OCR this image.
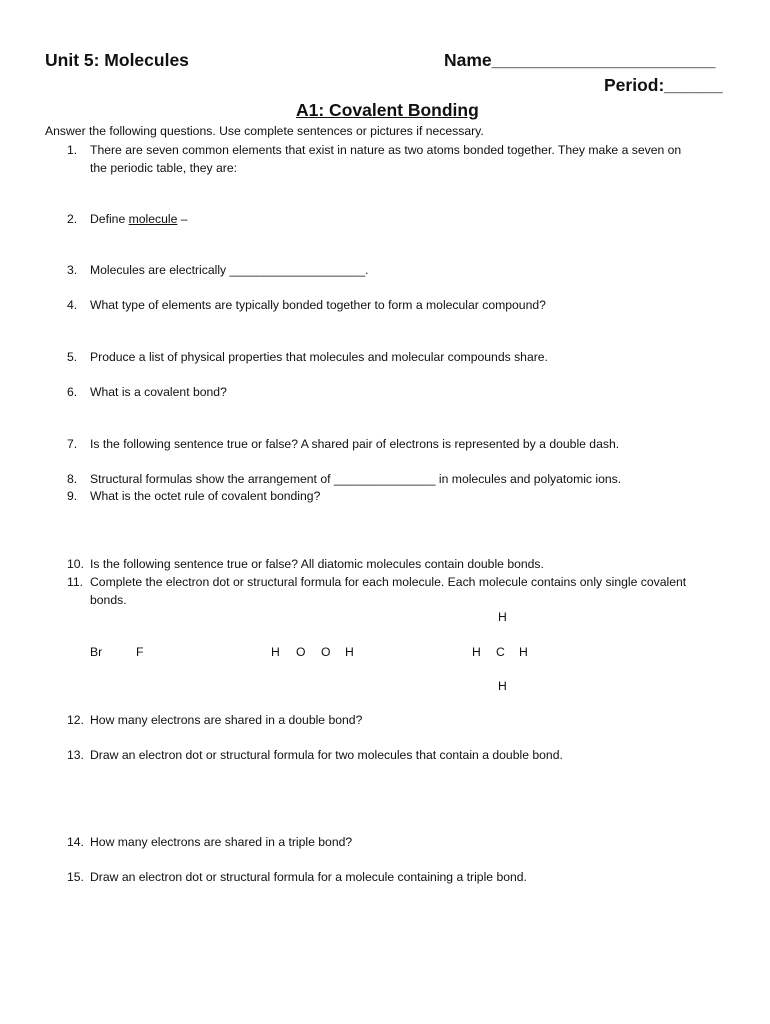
Unit 5: Molecules	Name_______________________
Period:______
A1: Covalent Bonding
Answer the following questions. Use complete sentences or pictures if necessary.
1.	There are seven common elements that exist in nature as two atoms bonded together. They make a seven on
the periodic table, they are:
2.	Define molecule –
3.	Molecules are electrically ____________________.
4.	What type of elements are typically bonded together to form a molecular compound?
5.	Produce a list of physical properties that molecules and molecular compounds share.
6.	What is a covalent bond?
7.	Is the following sentence true or false? A shared pair of electrons is represented by a double dash.
8.	Structural formulas show the arrangement of _______________ in molecules and polyatomic ions.
9.	What is the octet rule of covalent bonding?
10. Is the following sentence true or false? All diatomic molecules contain double bonds.
11. Complete the electron dot or structural formula for each molecule. Each molecule contains only single covalent
bonds.
Br	F	H O O H
H
H C H
H
12. How many electrons are shared in a double bond?
13. Draw an electron dot or structural formula for two molecules that contain a double bond.
14. How many electrons are shared in a triple bond?
15. Draw an electron dot or structural formula for a molecule containing a triple bond.
